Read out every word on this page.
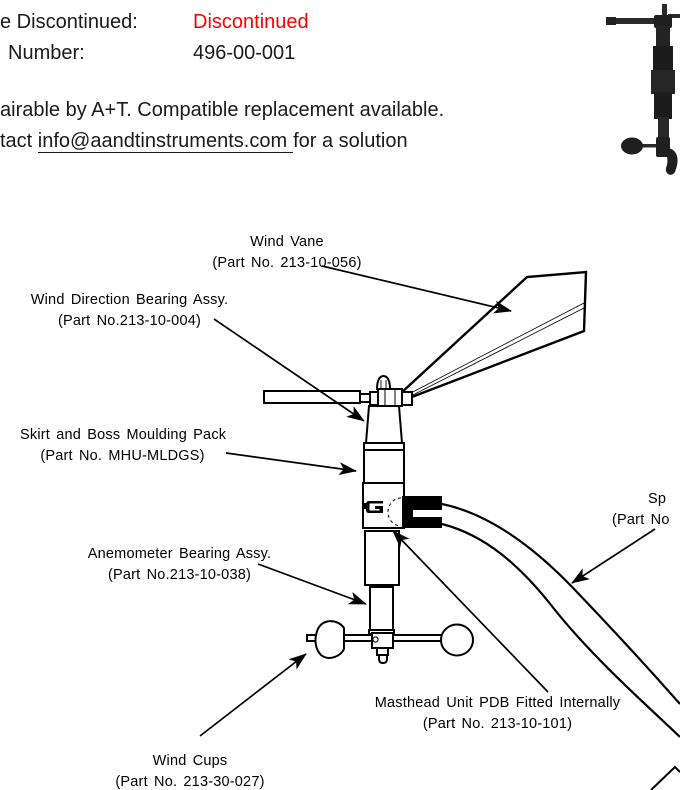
e Discontinued:	Discontinued
Number:	496-00-001
airable by A+T. Compatible replacement available.
tact info@aandtinstruments.com for a solution
Wind Vane
(Part No. 213-10-056)
Wind Direction Bearing Assy.
(Part No.213-10-004)
Skirt and Boss Moulding Pack
(Part No. MHU-MLDGS)
Anemometer Bearing Assy.
(Part No.213-10-038)
Sp
(Part No
Masthead Unit PDB Fitted Internally
(Part No. 213-10-101)
Wind Cups
(Part No. 213-30-027)
